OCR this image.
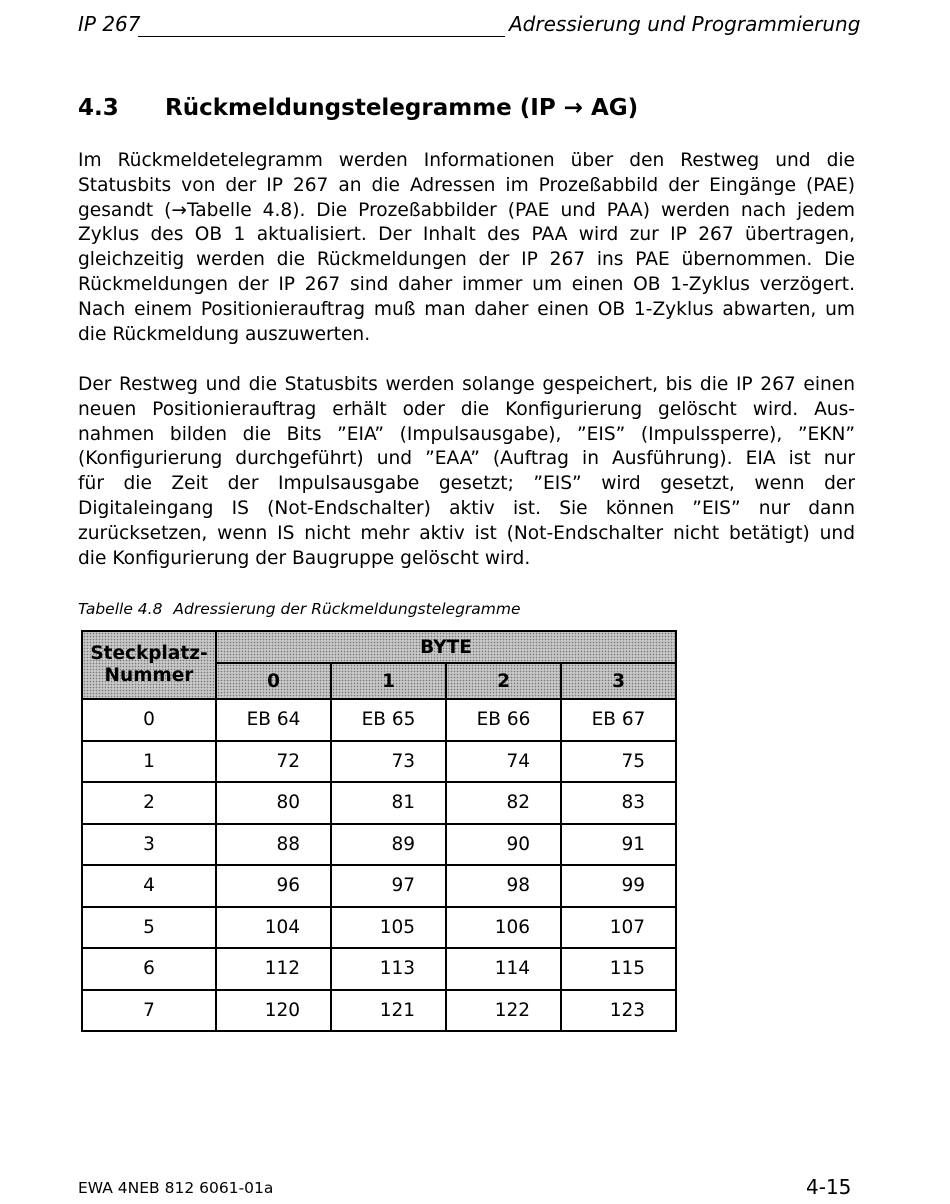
IP 267	Adressierung und Programmierung
4.3 Rückmeldungstelegramme (IP → AG)
Im Rückmeldetelegramm werden Informationen über den Restweg und die
Statusbits von der IP 267 an die Adressen im Prozeßabbild der Eingänge (PAE)
gesandt (→Tabelle 4.8). Die Prozeßabbilder (PAE und PAA) werden nach jedem
Zyklus des OB 1 aktualisiert. Der Inhalt des PAA wird zur IP 267 übertragen,
gleichzeitig werden die Rückmeldungen der IP 267 ins PAE übernommen. Die
Rückmeldungen der IP 267 sind daher immer um einen OB 1-Zyklus verzögert.
Nach einem Positionierauftrag muß man daher einen OB 1-Zyklus abwarten, um
die Rückmeldung auszuwerten.
Der Restweg und die Statusbits werden solange gespeichert, bis die IP 267 einen
neuen Positionierauftrag erhält oder die Konfigurierung gelöscht wird. Aus-
nahmen bilden die Bits ”EIA” (Impulsausgabe), ”EIS” (Impulssperre), ”EKN”
(Konfigurierung durchgeführt) und ”EAA” (Auftrag in Ausführung). EIA ist nur
für die Zeit der Impulsausgabe gesetzt; ”EIS” wird gesetzt, wenn der
Digitaleingang IS (Not-Endschalter) aktiv ist. Sie können ”EIS” nur dann
zurücksetzen, wenn IS nicht mehr aktiv ist (Not-Endschalter nicht betätigt) und
die Konfigurierung der Baugruppe gelöscht wird.
Tabelle 4.8 Adressierung der Rückmeldungstelegramme
Steckplatz-
Nummer	BYTE			
	0	1	2	3
0	EB 64	EB 65	EB 66	EB 67
1	72	73	74	75
2	80	81	82	83
3	88	89	90	91
4	96	97	98	99
5	104	105	106	107
6	112	113	114	115
7	120	121	122	123
EWA 4NEB 812 6061-01a	4-15
